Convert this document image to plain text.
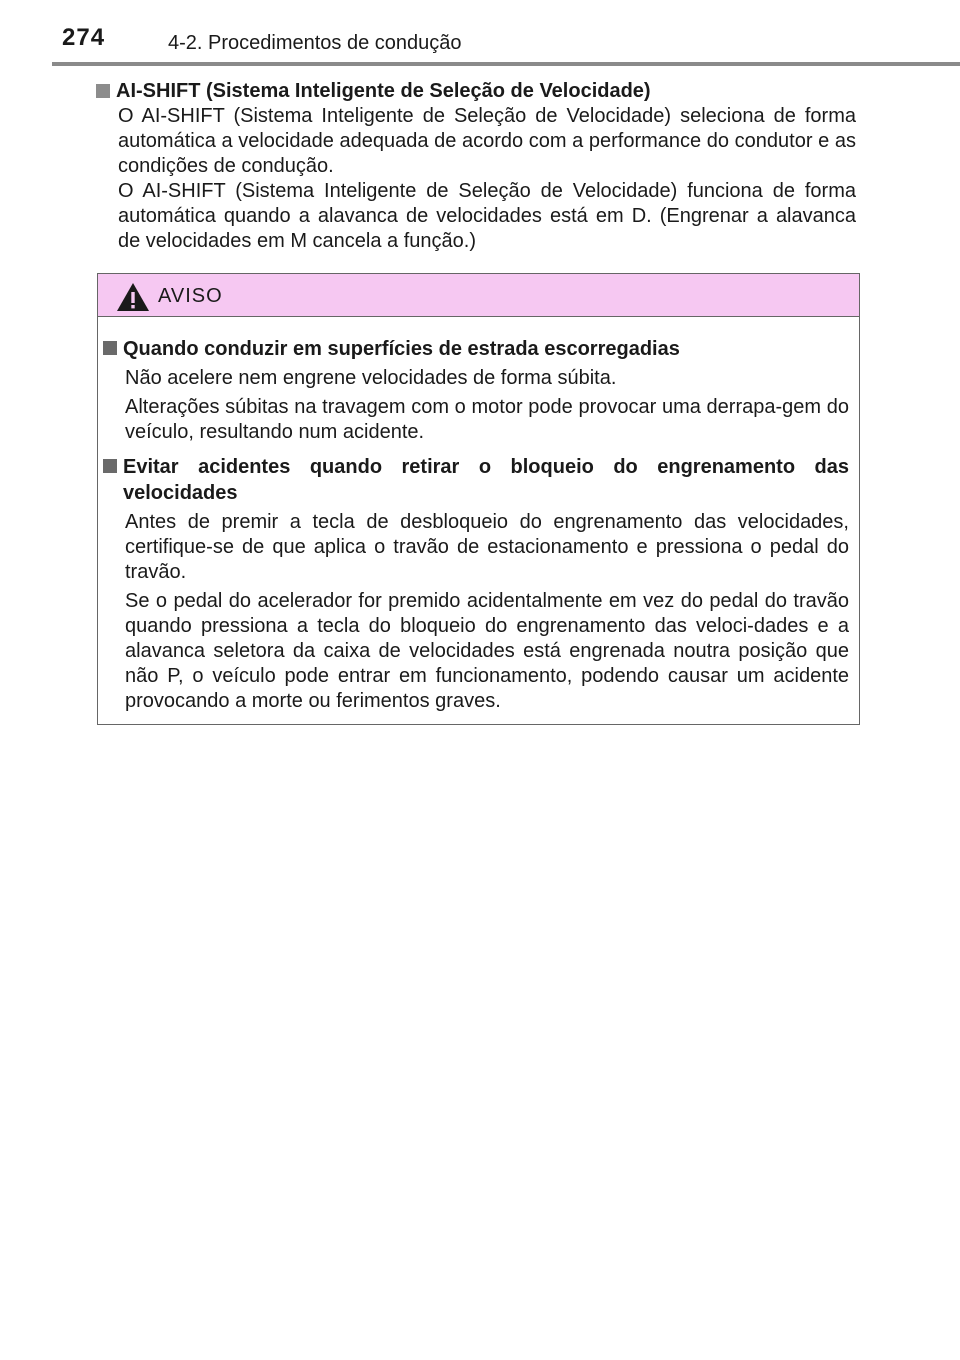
274	4-2. Procedimentos de condução
AI-SHIFT (Sistema Inteligente de Seleção de Velocidade)

O AI-SHIFT (Sistema Inteligente de Seleção de Velocidade) seleciona de forma automática a velocidade adequada de acordo com a performance do condutor e as condições de condução.

O AI-SHIFT (Sistema Inteligente de Seleção de Velocidade) funciona de forma automática quando a alavanca de velocidades está em D. (Engrenar a alavanca de velocidades em M cancela a função.)

AVISO
Quando conduzir em superfícies de estrada escorregadias

Não acelere nem engrene velocidades de forma súbita.

Alterações súbitas na travagem com o motor pode provocar uma derrapa-gem do veículo, resultando num acidente.

Evitar acidentes quando retirar o bloqueio do engrenamento das velocidades

Antes de premir a tecla de desbloqueio do engrenamento das velocidades, certifique-se de que aplica o travão de estacionamento e pressiona o pedal do travão.

Se o pedal do acelerador for premido acidentalmente em vez do pedal do travão quando pressiona a tecla do bloqueio do engrenamento das veloci-dades e a alavanca seletora da caixa de velocidades está engrenada noutra posição que não P, o veículo pode entrar em funcionamento, podendo causar um acidente provocando a morte ou ferimentos graves.
